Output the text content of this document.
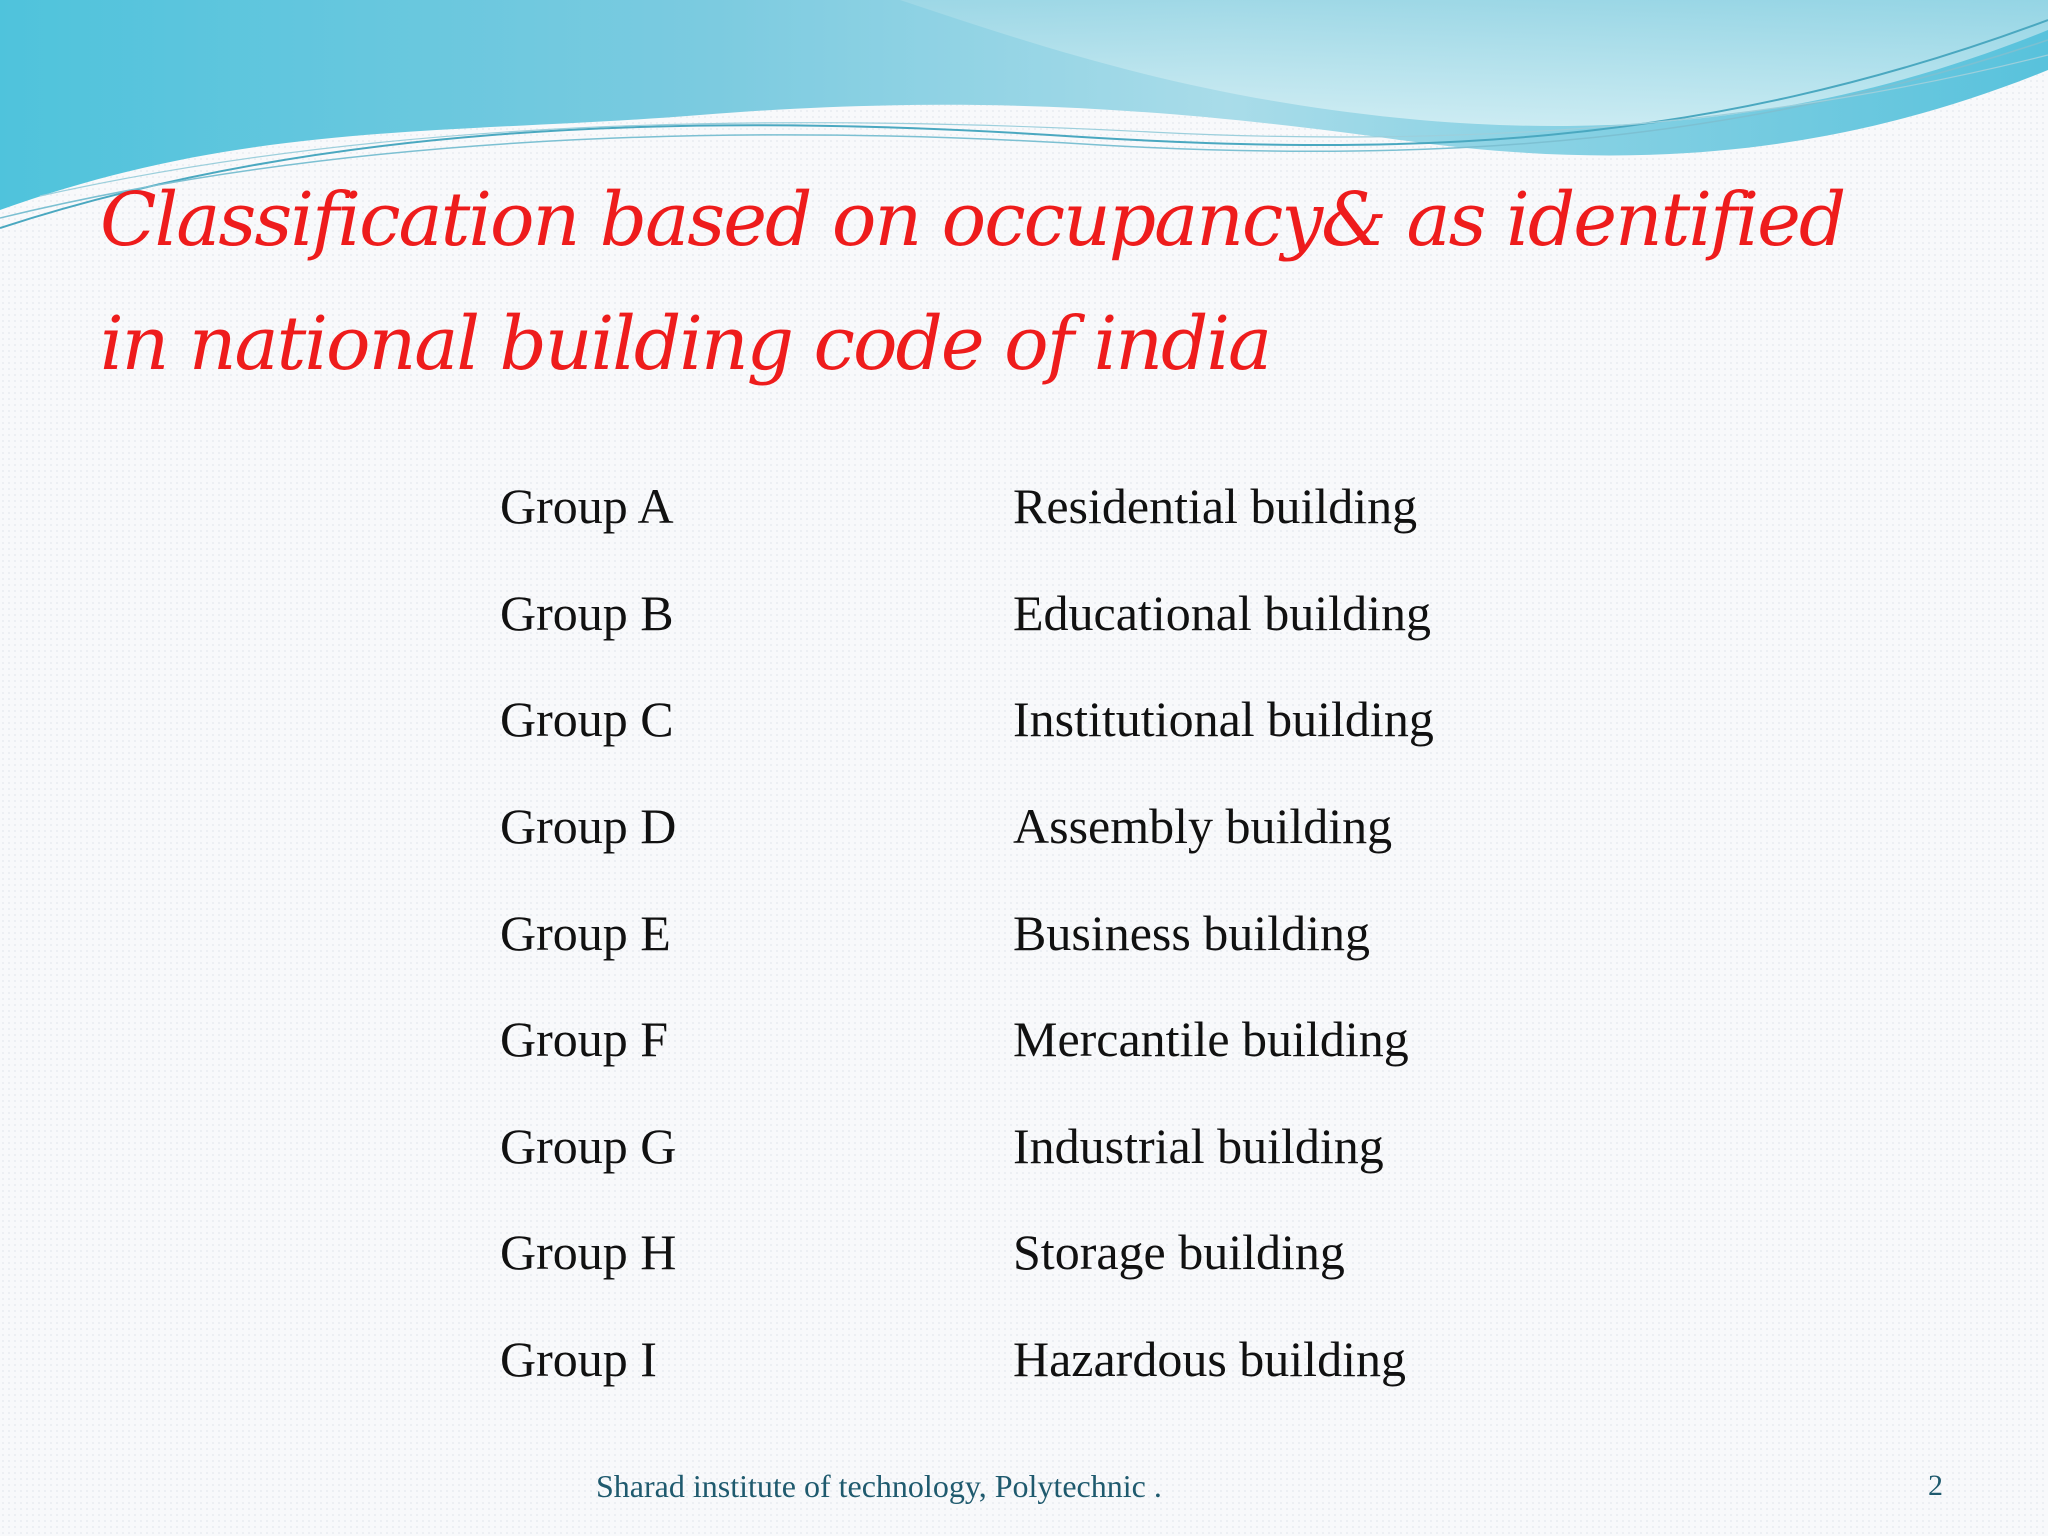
Classification based on occupancy& as identified in national building code of india
Group A	Residential building
Group B	Educational building
Group C	Institutional building
Group D	Assembly building
Group E	Business building
Group F	Mercantile building
Group G	Industrial building
Group H	Storage building
Group I	Hazardous building
Sharad institute of technology, Polytechnic .	2
